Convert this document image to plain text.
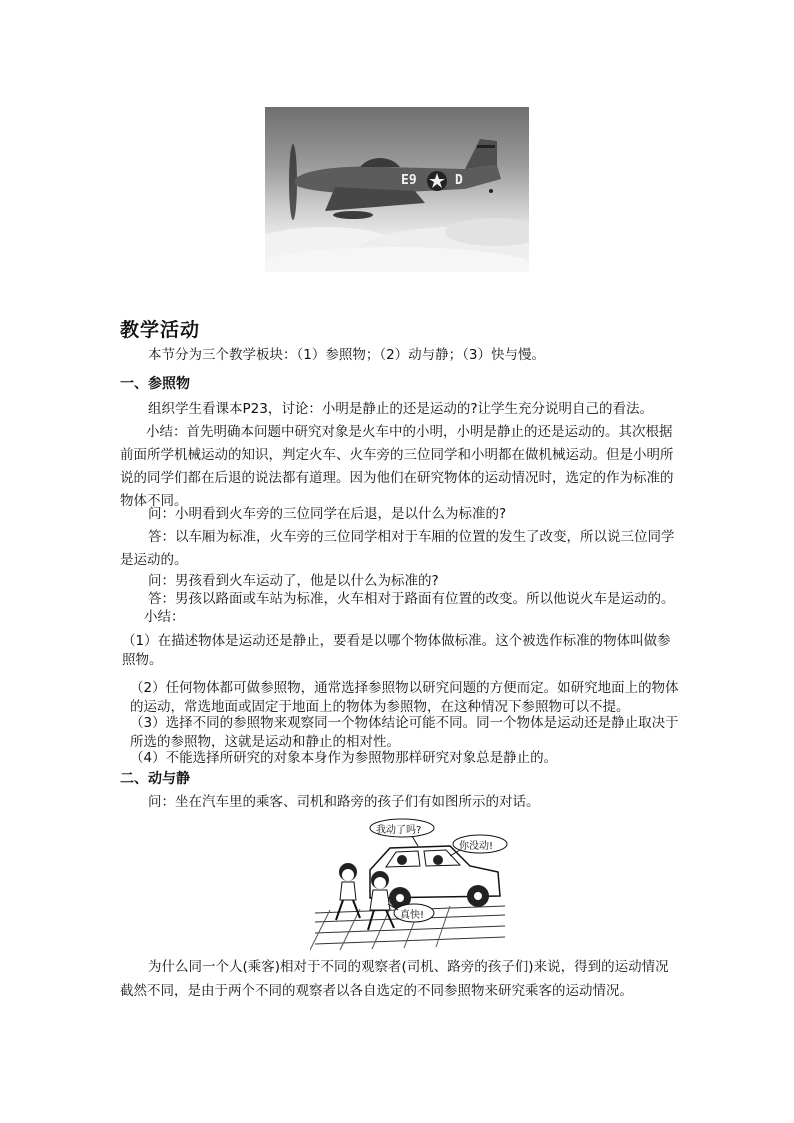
E9	D
教学活动
本节分为三个教学板块：（1）参照物；（2）动与静；（3）快与慢。
一、参照物
组织学生看课本P23，讨论：小明是静止的还是运动的?让学生充分说明自己的看法。
小结：首先明确本问题中研究对象是火车中的小明，小明是静止的还是运动的。其次根据前面所学机械运动的知识，判定火车、火车旁的三位同学和小明都在做机械运动。但是小明所说的同学们都在后退的说法都有道理。因为他们在研究物体的运动情况时，选定的作为标准的物体不同。
问：小明看到火车旁的三位同学在后退，是以什么为标准的?
答：以车厢为标准，火车旁的三位同学相对于车厢的位置的发生了改变，所以说三位同学是运动的。
问：男孩看到火车运动了，他是以什么为标准的?
答：男孩以路面或车站为标准，火车相对于路面有位置的改变。所以他说火车是运动的。
小结：
（1）在描述物体是运动还是静止，要看是以哪个物体做标准。这个被选作标准的物体叫做参照物。
（2）任何物体都可做参照物，通常选择参照物以研究问题的方便而定。如研究地面上的物体的运动，常选地面或固定于地面上的物体为参照物，在这种情况下参照物可以不提。
（3）选择不同的参照物来观察同一个物体结论可能不同。同一个物体是运动还是静止取决于所选的参照物，这就是运动和静止的相对性。
（4）不能选择所研究的对象本身作为参照物那样研究对象总是静止的。
二、动与静
问：坐在汽车里的乘客、司机和路旁的孩子们有如图所示的对话。
我动了吗?
你没动!
真快!
为什么同一个人(乘客)相对于不同的观察者(司机、路旁的孩子们)来说，得到的运动情况截然不同，是由于两个不同的观察者以各自选定的不同参照物来研究乘客的运动情况。
